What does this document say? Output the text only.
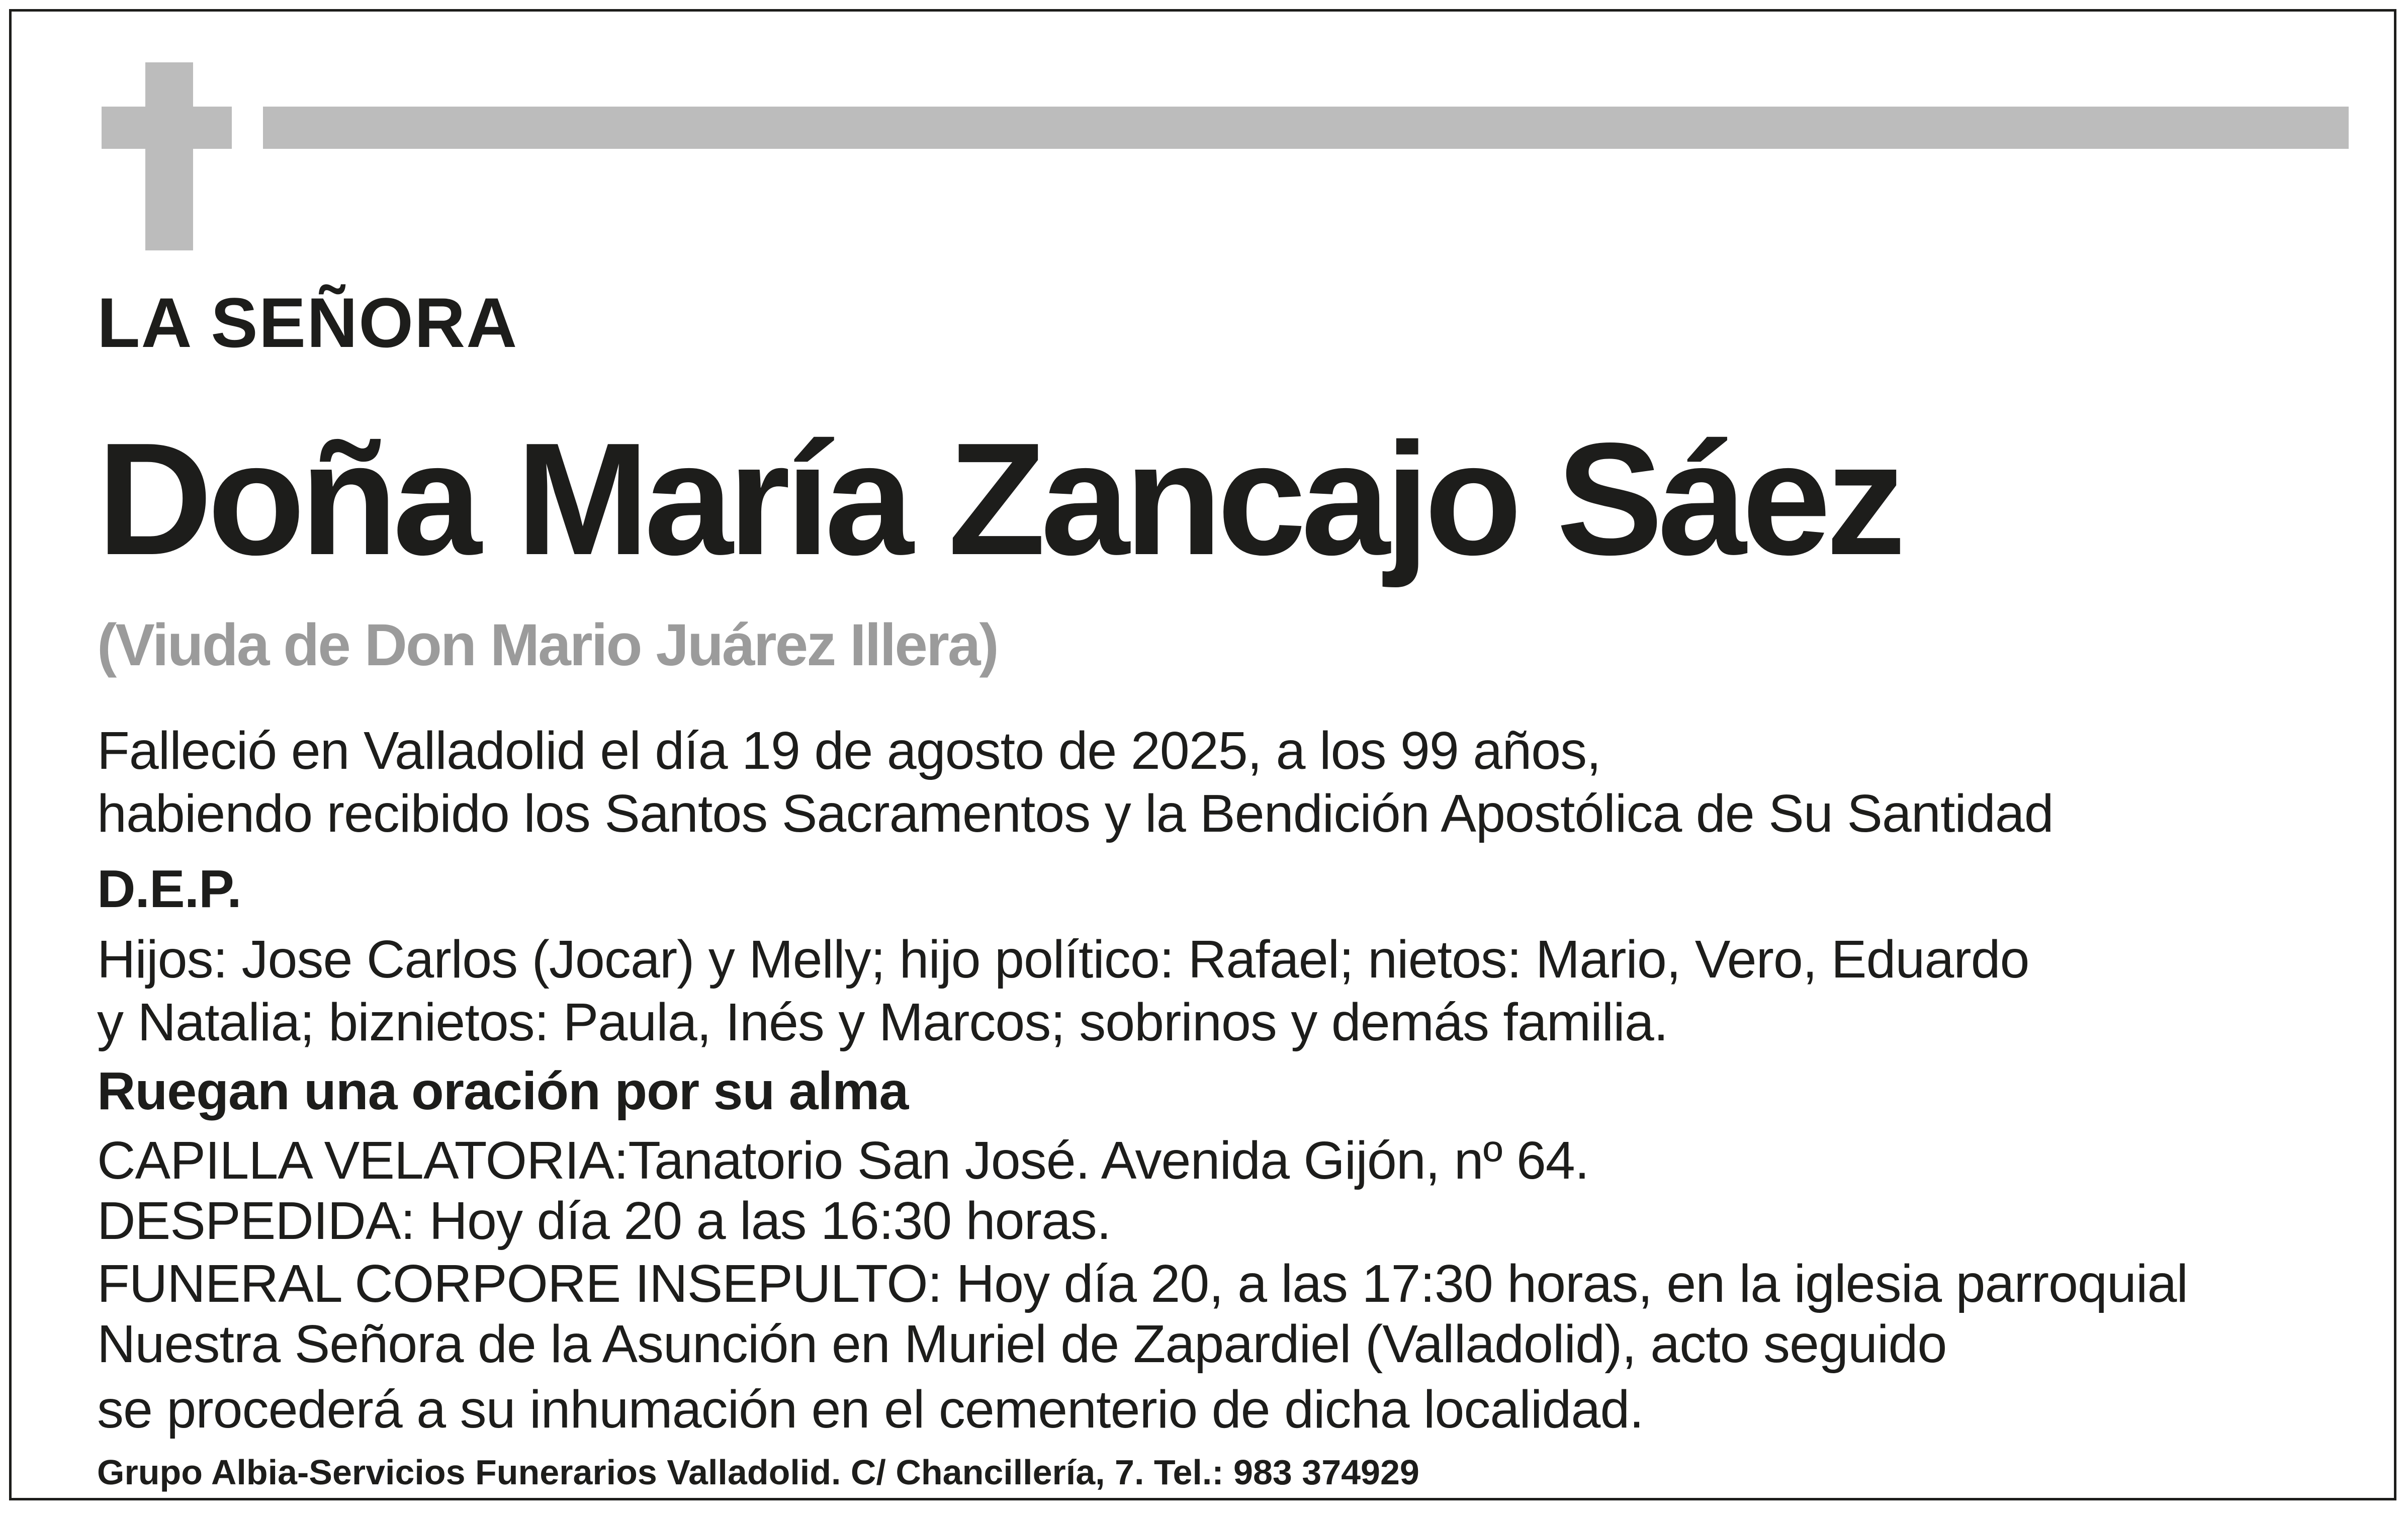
LA SEÑORA

Doña María Zancajo Sáez

(Viuda de Don Mario Juárez Illera)

Falleció en Valladolid el día 19 de agosto de 2025, a los 99 años,

habiendo recibido los Santos Sacramentos y la Bendición Apostólica de Su Santidad

D.E.P.

Hijos: Jose Carlos (Jocar) y Melly; hijo político: Rafael; nietos: Mario, Vero, Eduardo

y Natalia; biznietos: Paula, Inés y Marcos; sobrinos y demás familia.

Ruegan una oración por su alma

CAPILLA VELATORIA:Tanatorio San José. Avenida Gijón, nº 64.

DESPEDIDA: Hoy día 20 a las 16:30 horas.

FUNERAL CORPORE INSEPULTO: Hoy día 20, a las 17:30 horas, en la iglesia parroquial

Nuestra Señora de la Asunción en Muriel de Zapardiel (Valladolid), acto seguido

se procederá a su inhumación en el cementerio de dicha localidad.

Grupo Albia-Servicios Funerarios Valladolid. C/ Chancillería, 7. Tel.: 983 374929
